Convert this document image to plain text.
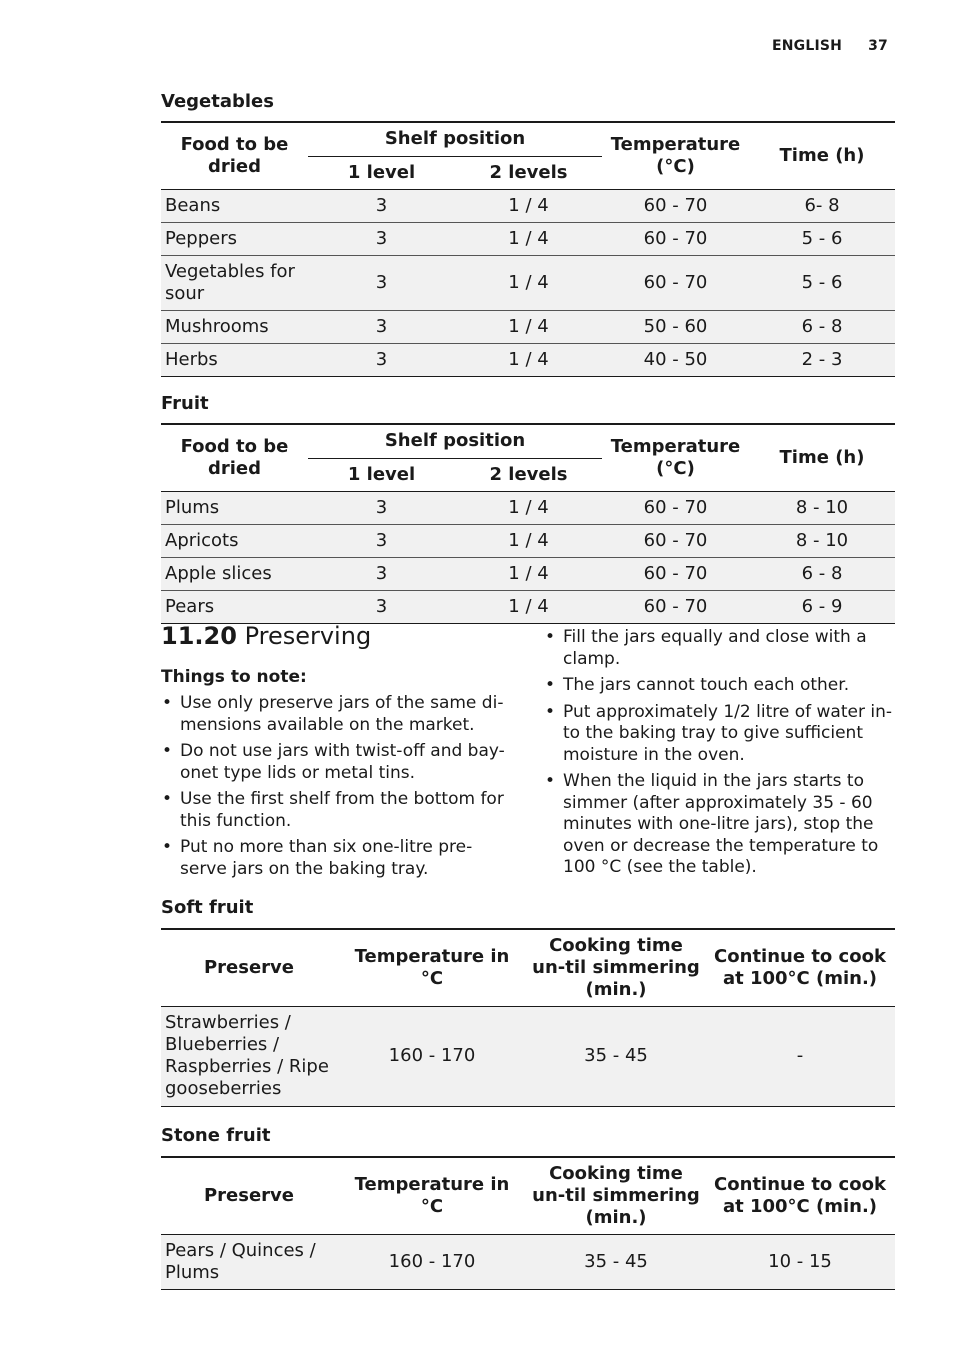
ENGLISH 37
Vegetables
Food to be dried	Shelf position		Temperature (°C)	Time (h)
	1 level	2 levels		
Beans	3	1 / 4	60 - 70	6- 8
Peppers	3	1 / 4	60 - 70	5 - 6
Vegetables for sour	3	1 / 4	60 - 70	5 - 6
Mushrooms	3	1 / 4	50 - 60	6 - 8
Herbs	3	1 / 4	40 - 50	2 - 3
Fruit
Food to be dried	Shelf position		Temperature (°C)	Time (h)
	1 level	2 levels		
Plums	3	1 / 4	60 - 70	8 - 10
Apricots	3	1 / 4	60 - 70	8 - 10
Apple slices	3	1 / 4	60 - 70	6 - 8
Pears	3	1 / 4	60 - 70	6 - 9
11.20 Preserving
Things to note:
• Use only preserve jars of the same di-mensions available on the market.
• Do not use jars with twist-off and bay-onet type lids or metal tins.
• Use the first shelf from the bottom for this function.
• Put no more than six one-litre pre-serve jars on the baking tray.
• Fill the jars equally and close with a clamp.
• The jars cannot touch each other.
• Put approximately 1/2 litre of water in-to the baking tray to give sufficient moisture in the oven.
• When the liquid in the jars starts to simmer (after approximately 35 - 60 minutes with one-litre jars), stop the oven or decrease the temperature to 100 °C (see the table).
Soft fruit
Preserve	Temperature in °C	Cooking time un-til simmering (min.)	Continue to cook at 100°C (min.)
Strawberries / Blueberries / Raspberries / Ripe gooseberries	160 - 170	35 - 45	-
Stone fruit
Preserve	Temperature in °C	Cooking time un-til simmering (min.)	Continue to cook at 100°C (min.)
Pears / Quinces / Plums	160 - 170	35 - 45	10 - 15
